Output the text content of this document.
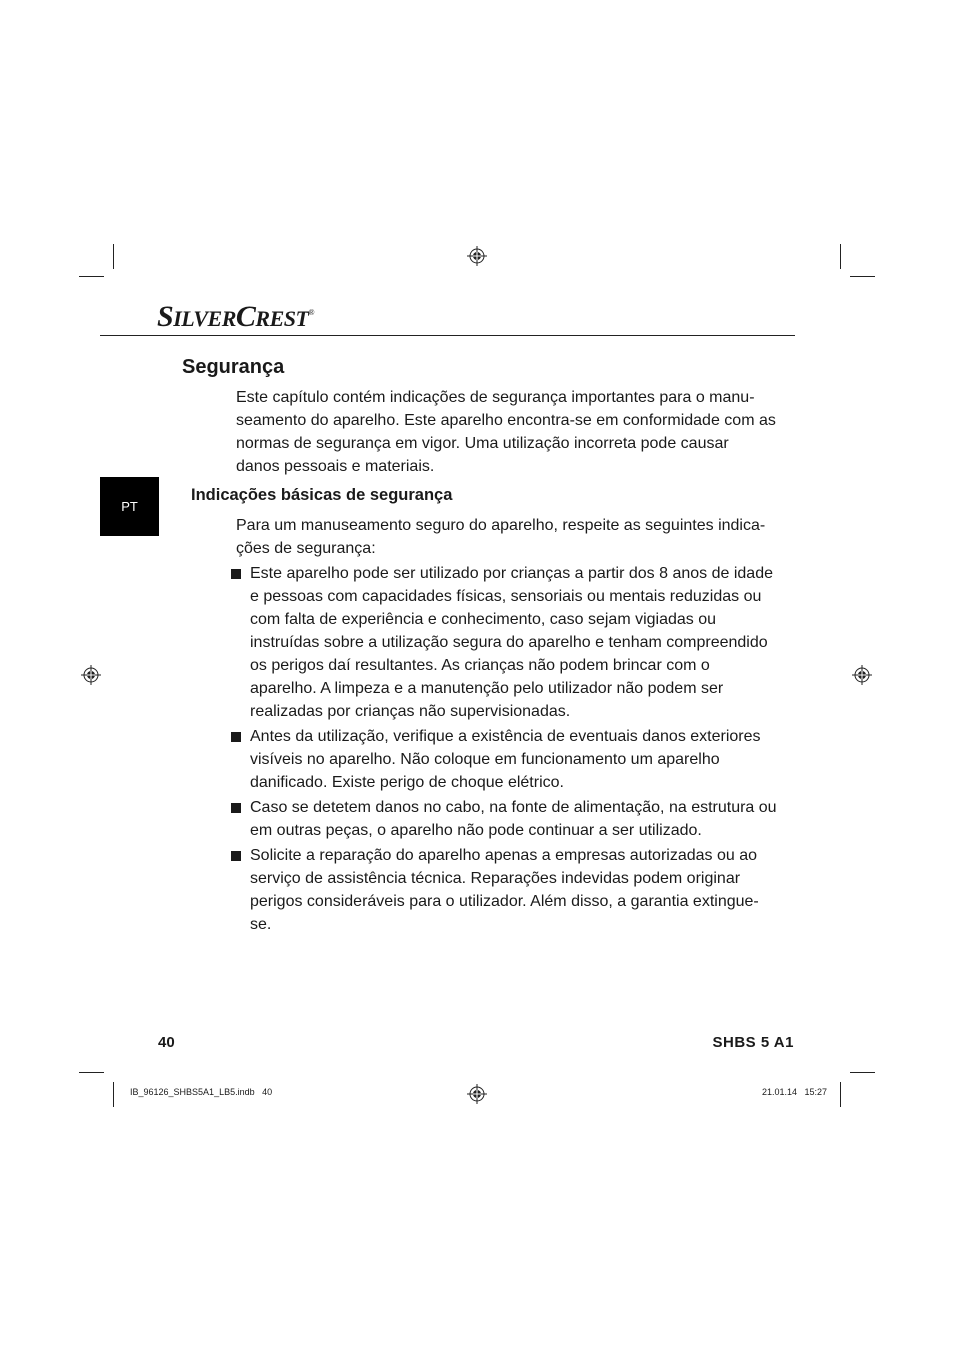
SILVERCREST®
PT
Segurança

Este capítulo contém indicações de segurança importantes para o manuseamento do aparelho. Este aparelho encontra-se em conformidade com as normas de segurança em vigor. Uma utilização incorreta pode causar danos pessoais e materiais.

Indicações básicas de segurança

Para um manuseamento seguro do aparelho, respeite as seguintes indicações de segurança:

Este aparelho pode ser utilizado por crianças a partir dos 8 anos de idade e pessoas com capacidades físicas, sensoriais ou mentais reduzidas ou com falta de experiência e conhecimento, caso sejam vigiadas ou instruídas sobre a utilização segura do aparelho e tenham compreendido os perigos daí resultantes. As crianças não podem brincar com o aparelho. A limpeza e a manutenção pelo utilizador não podem ser realizadas por crianças não supervisionadas.
Antes da utilização, verifique a existência de eventuais danos exteriores visíveis no aparelho. Não coloque em funcionamento um aparelho danificado. Existe perigo de choque elétrico.
Caso se detetem danos no cabo, na fonte de alimentação, na estrutura ou em outras peças, o aparelho não pode continuar a ser utilizado.
Solicite a reparação do aparelho apenas a empresas autorizadas ou ao serviço de assistência técnica. Reparações indevidas podem originar perigos consideráveis para o utilizador. Além disso, a garantia extingue-se.
40	SHBS 5 A1
IB_96126_SHBS5A1_LB5.indb   40	21.01.14   15:27
